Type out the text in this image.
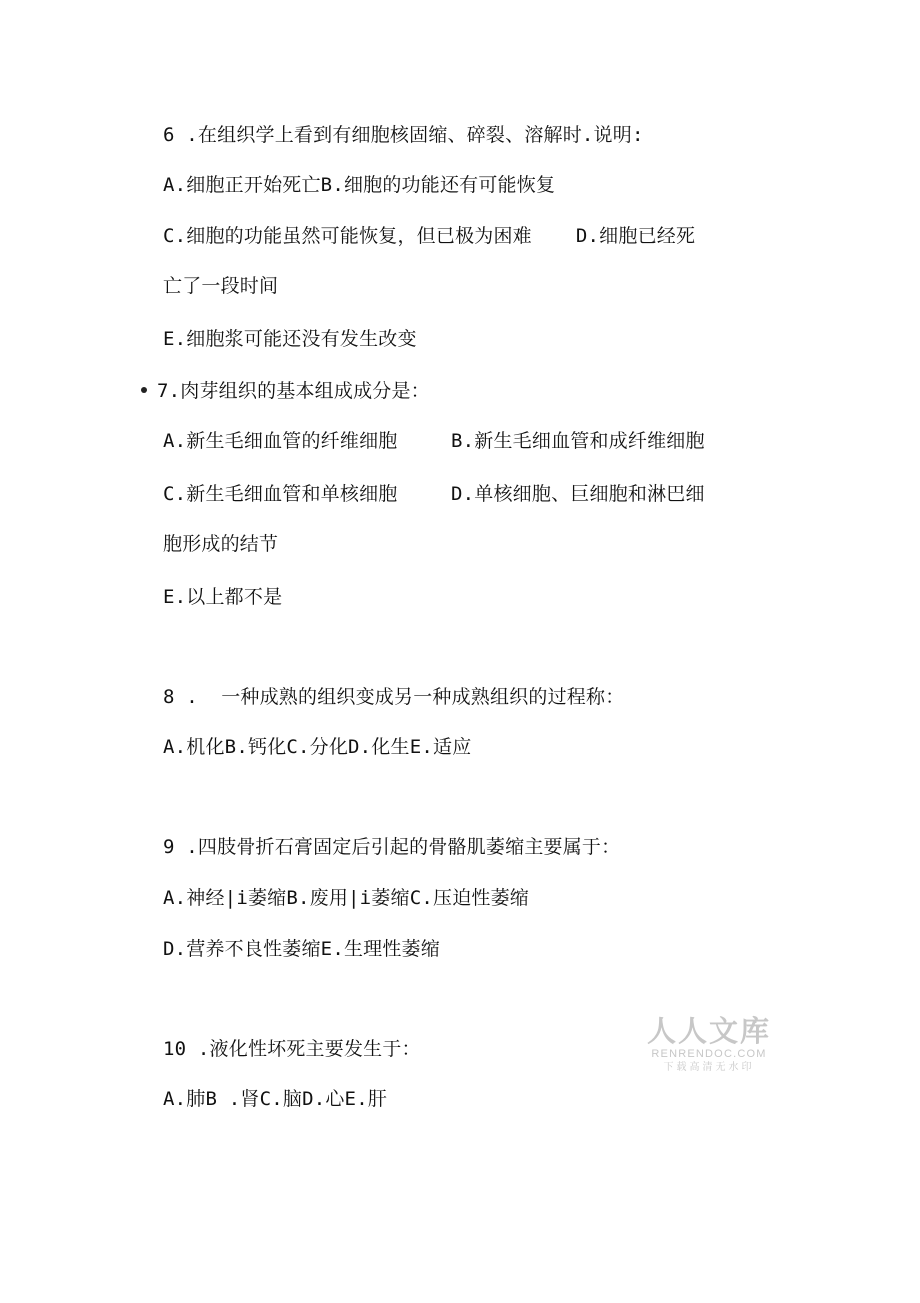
6 .在组织学上看到有细胞核固缩、碎裂、溶解时.说明:
A.细胞正开始死亡B.细胞的功能还有可能恢复
C.细胞的功能虽然可能恢复，但已极为困难 D.细胞已经死
亡了一段时间
E.细胞浆可能还没有发生改变
7.肉芽组织的基本组成成分是：
A.新生毛细血管的纤维细胞	B.新生毛细血管和成纤维细胞
C.新生毛细血管和单核细胞	D.单核细胞、巨细胞和淋巴细
胞形成的结节
E.以上都不是
8 .  一种成熟的组织变成另一种成熟组织的过程称：
A.机化B.钙化C.分化D.化生E.适应
9 .四肢骨折石膏固定后引起的骨骼肌萎缩主要属于：
A.神经|i萎缩B.废用|i萎缩C.压迫性萎缩
D.营养不良性萎缩E.生理性萎缩
10 .液化性坏死主要发生于：
A.肺B .肾C.脑D.心E.肝
人人文库
RENRENDOC.COM
下载高清无水印
